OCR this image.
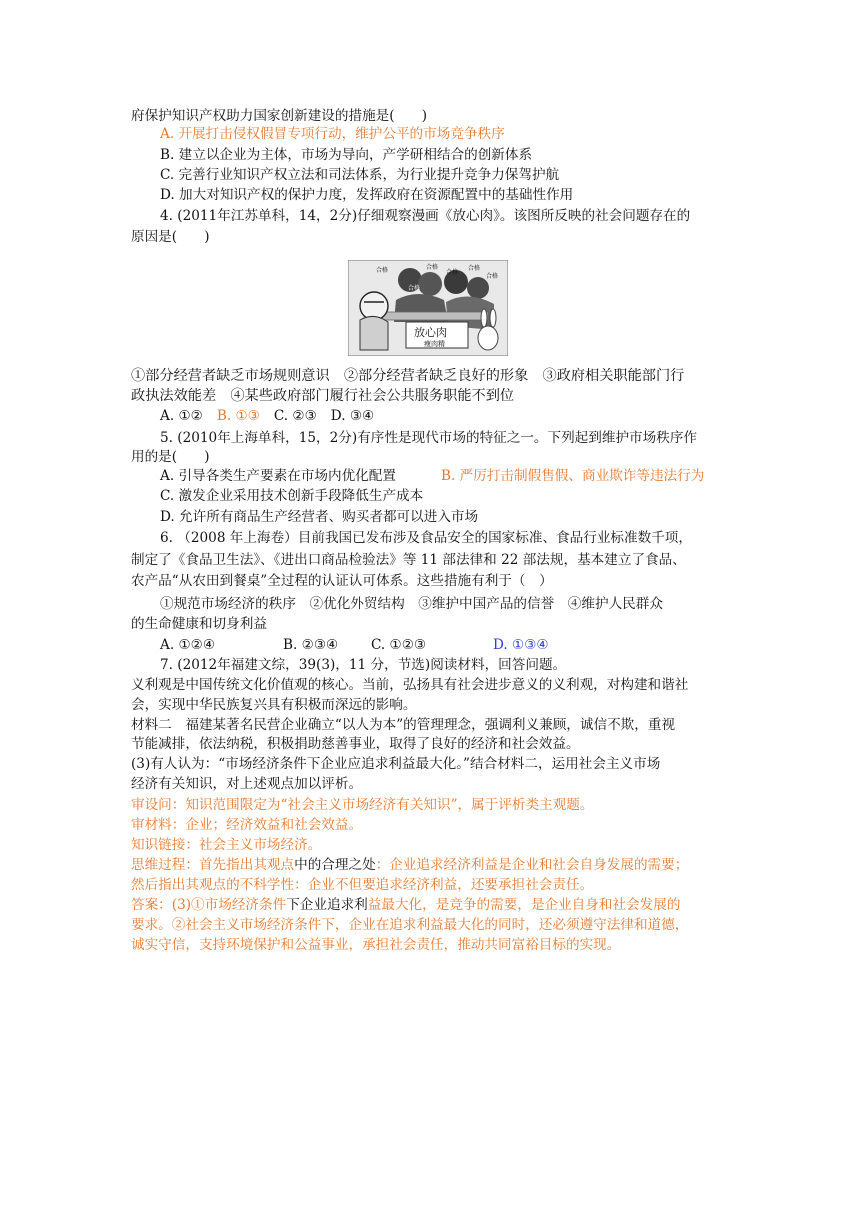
府保护知识产权助力国家创新建设的措施是(　　)
A. 开展打击侵权假冒专项行动，维护公平的市场竞争秩序
B. 建立以企业为主体，市场为导向，产学研相结合的创新体系
C. 完善行业知识产权立法和司法体系，为行业提升竞争力保驾护航
D. 加大对知识产权的保护力度，发挥政府在资源配置中的基础性作用
4. (2011年江苏单科，14，2分)仔细观察漫画《放心肉》。该图所反映的社会问题存在的
原因是(　　)
合格	合格
合格
合格
合格
合格
放心肉
瘦肉精
①部分经营者缺乏市场规则意识　②部分经营者缺乏良好的形象　③政府相关职能部门行
政执法效能差　④某些政府部门履行社会公共服务职能不到位
A. ①② B. ①③ C. ②③ D. ③④
5. (2010年上海单科，15，2分)有序性是现代市场的特征之一。下列起到维护市场秩序作
用的是(　　)
A. 引导各类生产要素在市场内优化配置	B. 严厉打击制假售假、商业欺诈等违法行为
C. 激发企业采用技术创新手段降低生产成本
D. 允许所有商品生产经营者、购买者都可以进入市场
6. （2008 年上海卷）目前我国已发布涉及食品安全的国家标准、食品行业标准数千项，
制定了《食品卫生法》、《进出口商品检验法》等 11 部法律和 22 部法规，基本建立了食品、
农产品“从农田到餐桌”全过程的认证认可体系。这些措施有利于（　）
①规范市场经济的秩序　②优化外贸结构　③维护中国产品的信誉　④维护人民群众
的生命健康和切身利益
A. ①②④	B. ②③④ C. ①②③	D. ①③④
7. (2012年福建文综，39(3)，11 分，节选)阅读材料，回答问题。
义利观是中国传统文化价值观的核心。当前，弘扬具有社会进步意义的义利观，对构建和谐社
会，实现中华民族复兴具有积极而深远的影响。
材料二　福建某著名民营企业确立“以人为本”的管理理念，强调利义兼顾，诚信不欺，重视
节能减排，依法纳税，积极捐助慈善事业，取得了良好的经济和社会效益。
(3)有人认为：“市场经济条件下企业应追求利益最大化。”结合材料二，运用社会主义市场
经济有关知识，对上述观点加以评析。
审设问：知识范围限定为“社会主义市场经济有关知识”，属于评析类主观题。
审材料：企业；经济效益和社会效益。
知识链接：社会主义市场经济。
思维过程：首先指出其观点中的合理之处：企业追求经济利益是企业和社会自身发展的需要；
然后指出其观点的不科学性：企业不但要追求经济利益，还要承担社会责任。
答案：(3)①市场经济条件下企业追求利益最大化，是竞争的需要，是企业自身和社会发展的
要求。②社会主义市场经济条件下，企业在追求利益最大化的同时，还必须遵守法律和道德，
诚实守信，支持环境保护和公益事业，承担社会责任，推动共同富裕目标的实现。
